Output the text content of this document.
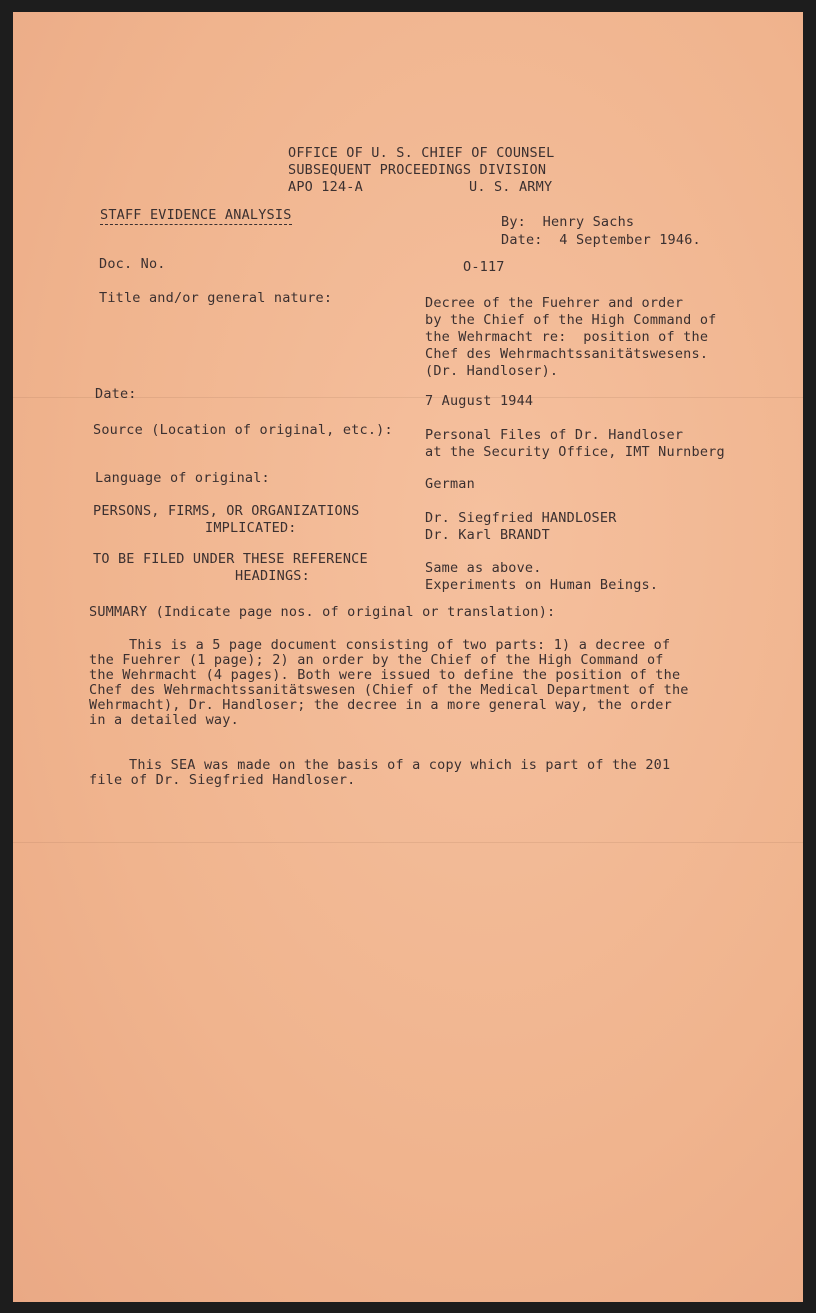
OFFICE OF U. S. CHIEF OF COUNSEL
SUBSEQUENT PROCEEDINGS DIVISION
APO 124-A	U. S. ARMY
STAFF EVIDENCE ANALYSIS	By:  Henry Sachs
Date:  4 September 1946.
Doc. No.	O-117
Title and/or general nature:	Decree of the Fuehrer and order
by the Chief of the High Command of
the Wehrmacht re:  position of the
Chef des Wehrmachtssanitätswesens.
(Dr. Handloser).
Date:	7 August 1944
Source (Location of original, etc.): Personal Files of Dr. Handloser
at the Security Office, IMT Nurnberg
Language of original:	German
PERSONS, FIRMS, OR ORGANIZATIONS
IMPLICATED:
Dr. Siegfried HANDLOSER
Dr. Karl BRANDT
TO BE FILED UNDER THESE REFERENCE
HEADINGS:	Same as above.
Experiments on Human Beings.
SUMMARY (Indicate page nos. of original or translation):

This is a 5 page document consisting of two parts: 1) a decree of the Fuehrer (1 page); 2) an order by the Chief of the High Command of the Wehrmacht (4 pages). Both were issued to define the position of the Chef des Wehrmachtssanitätswesen (Chief of the Medical Department of the Wehrmacht), Dr. Handloser; the decree in a more general way, the order in a detailed way.

This SEA was made on the basis of a copy which is part of the 201 file of Dr. Siegfried Handloser.
